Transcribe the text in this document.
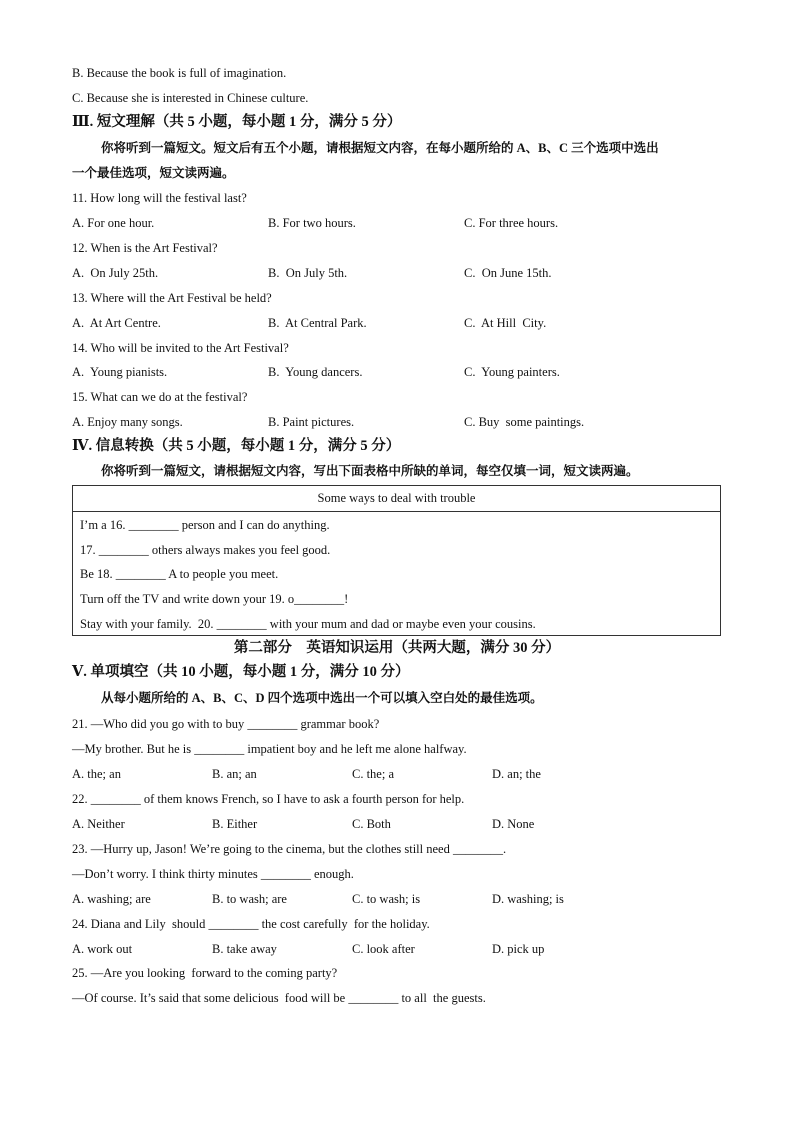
B. Because the book is full of imagination.
C. Because she is interested in Chinese culture.
Ⅲ. 短文理解（共 5 小题，每小题 1 分，满分 5 分）
你将听到一篇短文。短文后有五个小题，请根据短文内容，在每小题所给的 A、B、C 三个选项中选出
一个最佳选项，短文读两遍。
11. How long will the festival last?
A. For one hour.	B. For two hours.	C. For three hours.
12. When is the Art Festival?
A.  On July 25th.	B.  On July 5th.	C.  On June 15th.
13. Where will the Art Festival be held?
A.  At Art Centre.	B.  At Central Park.	C.  At Hill  City.
14. Who will be invited to the Art Festival?
A.  Young pianists.	B.  Young dancers.	C.  Young painters.
15. What can we do at the festival?
A. Enjoy many songs.	B. Paint pictures.	C. Buy  some paintings.
Ⅳ. 信息转换（共 5 小题，每小题 1 分，满分 5 分）
你将听到一篇短文，请根据短文内容，写出下面表格中所缺的单词，每空仅填一词，短文读两遍。
Some ways to deal with trouble
I’m a 16. ________ person and I can do anything.
17. ________ others always makes you feel good.
Be 18. ________ A to people you meet.
Turn off the TV and write down your 19. o________!
Stay with your family.  20. ________ with your mum and dad or maybe even your cousins.
第二部分　英语知识运用（共两大题，满分 30 分）
Ⅴ. 单项填空（共 10 小题，每小题 1 分，满分 10 分）
从每小题所给的 A、B、C、D 四个选项中选出一个可以填入空白处的最佳选项。
21. —Who did you go with to buy ________ grammar book?
—My brother. But he is ________ impatient boy and he left me alone halfway.
A. the; an	B. an; an	C. the; a	D. an; the
22. ________ of them knows French, so I have to ask a fourth person for help.
A. Neither	B. Either	C. Both	D. None
23. —Hurry up, Jason! We’re going to the cinema, but the clothes still need ________.
—Don’t worry. I think thirty minutes ________ enough.
A. washing; are	B. to wash; are	C. to wash; is	D. washing; is
24. Diana and Lily  should ________ the cost carefully  for the holiday.
A. work out	B. take away	C. look after	D. pick up
25. —Are you looking  forward to the coming party?
—Of course. It’s said that some delicious  food will be ________ to all  the guests.
